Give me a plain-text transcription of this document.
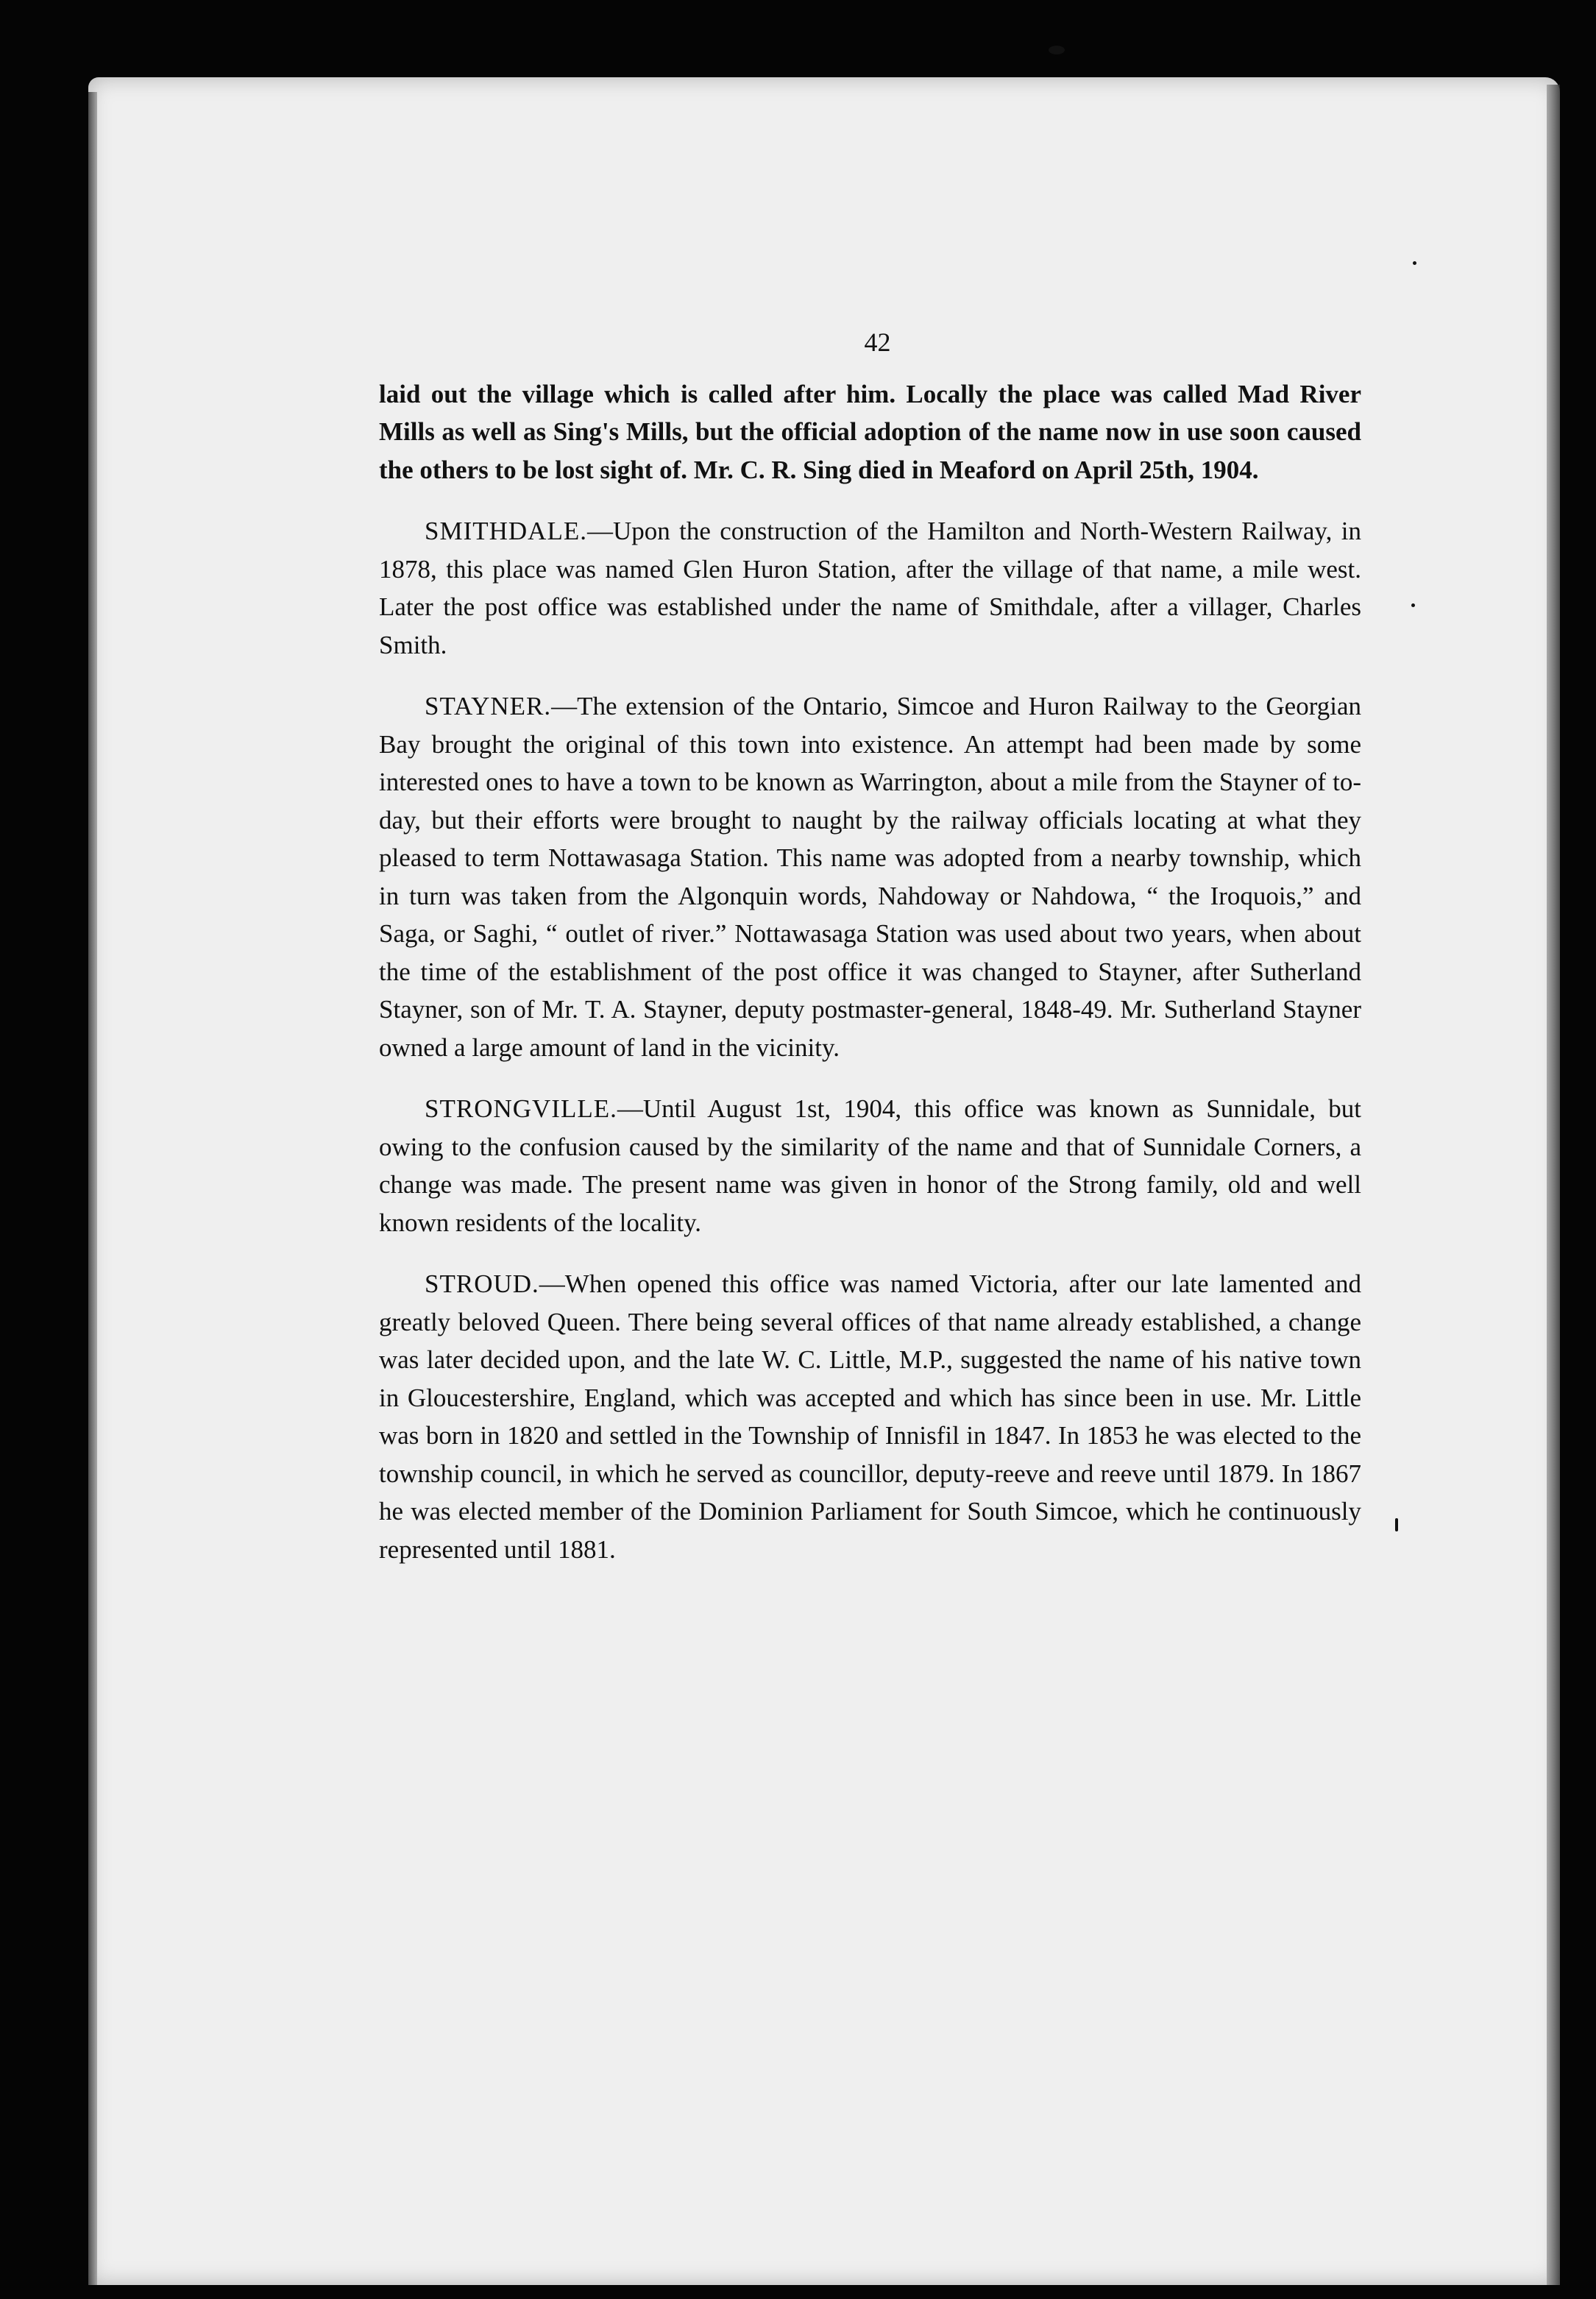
42

laid out the village which is called after him. Locally the place was called Mad River Mills as well as Sing's Mills, but the official adoption of the name now in use soon caused the others to be lost sight of. Mr. C. R. Sing died in Meaford on April 25th, 1904.

SMITHDALE.—Upon the construction of the Hamilton and North-Western Railway, in 1878, this place was named Glen Huron Station, after the village of that name, a mile west. Later the post office was established under the name of Smithdale, after a villager, Charles Smith.

STAYNER.—The extension of the Ontario, Simcoe and Huron Railway to the Georgian Bay brought the original of this town into existence. An attempt had been made by some interested ones to have a town to be known as Warrington, about a mile from the Stayner of to-day, but their efforts were brought to naught by the railway officials locating at what they pleased to term Nottawasaga Station. This name was adopted from a nearby township, which in turn was taken from the Algonquin words, Nahdoway or Nahdowa, “ the Iroquois,” and Saga, or Saghi, “ outlet of river.” Nottawasaga Station was used about two years, when about the time of the establishment of the post office it was changed to Stayner, after Sutherland Stayner, son of Mr. T. A. Stayner, deputy postmaster-general, 1848-49. Mr. Sutherland Stayner owned a large amount of land in the vicinity.

STRONGVILLE.—Until August 1st, 1904, this office was known as Sunnidale, but owing to the confusion caused by the similarity of the name and that of Sunnidale Corners, a change was made. The present name was given in honor of the Strong family, old and well known residents of the locality.

STROUD.—When opened this office was named Victoria, after our late lamented and greatly beloved Queen. There being several offices of that name already established, a change was later decided upon, and the late W. C. Little, M.P., suggested the name of his native town in Gloucestershire, England, which was accepted and which has since been in use. Mr. Little was born in 1820 and settled in the Township of Innisfil in 1847. In 1853 he was elected to the township council, in which he served as councillor, deputy-reeve and reeve until 1879. In 1867 he was elected member of the Dominion Parliament for South Simcoe, which he continuously represented until 1881.
